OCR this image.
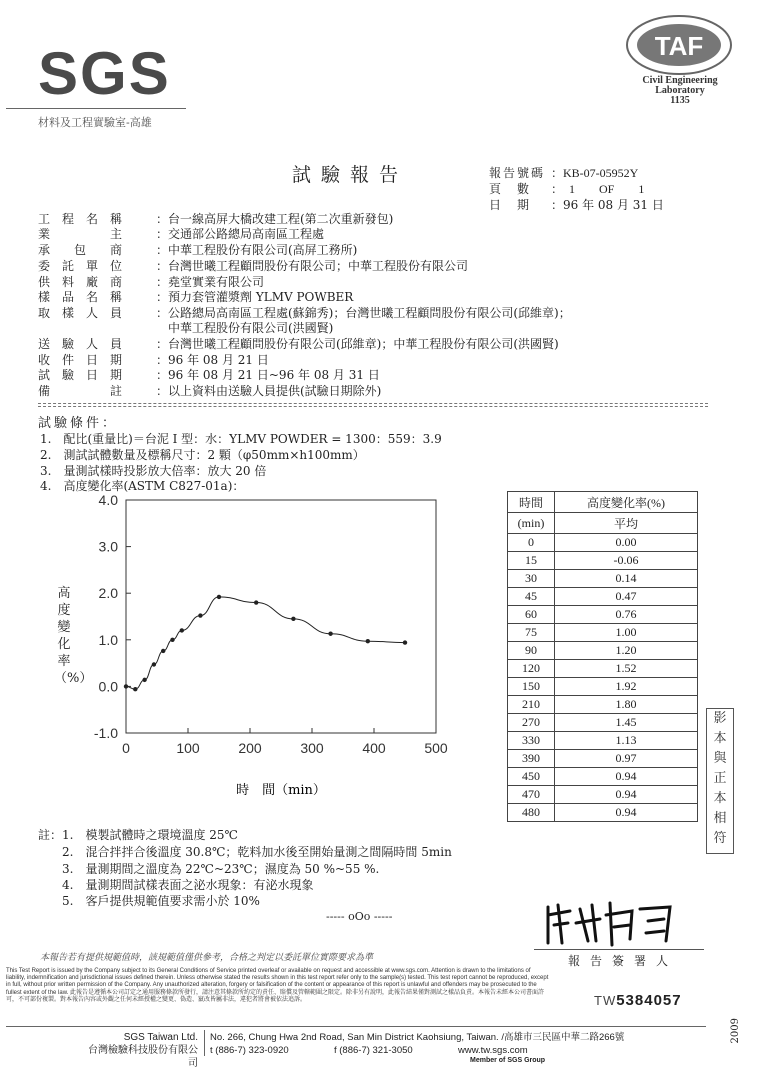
SGS
材料及工程實驗室-高雄
TAF
Civil Engineering
Laboratory
1135
試驗報告	報告號碼 ：KB-07-05952Y
頁　數 ：　1　　OF　　1
日　期 ：96 年 08 月 31 日
工　程　名　稱	：台一線高屏大橋改建工程(第二次重新發包)
業　　　　　主	：交通部公路總局高南區工程處
承　　包　　商	：中華工程股份有限公司(高屏工務所)
委　託　單　位	：台灣世曦工程顧問股份有限公司；中華工程股份有限公司
供　料　廠　商	：堯堂實業有限公司
樣　品　名　稱	：預力套管灌漿劑 YLMV POWBER
取　樣　人　員	：公路總局高南區工程處(蘇錦秀)；台灣世曦工程顧問股份有限公司(邱維章)；
　中華工程股份有限公司(洪國賢)
送　驗　人　員	：台灣世曦工程顧問股份有限公司(邱維章)；中華工程股份有限公司(洪國賢)
收　件　日　期	：96 年 08 月 21 日
試　驗　日　期	：96 年 08 月 21 日~96 年 08 月 31 日
備　　　　　註	：以上資料由送驗人員提供(試驗日期除外)
試驗條件：
1.　配比(重量比)＝台泥 I 型：水：YLMV POWDER = 1300：559：3.9
2.　測試試體數量及標稱尺寸：2 顆（φ50mm×h100mm）
3.　量測試樣時投影放大倍率：放大 20 倍
4.　高度變化率(ASTM C827-01a)：
0	100	200	300	400	500
-1.0
0.0
1.0
2.0
3.0
4.0
時　間（min）
高度變化率（%）
時間	高度變化率(%)
(min)	平均
0	0.00
15	-0.06
30	0.14
45	0.47
60	0.76
75	1.00
90	1.20
120	1.52
150	1.92
210	1.80
270	1.45
330	1.13
390	0.97
450	0.94
470	0.94
480	0.94
影
本
與
正
本
相
符
註：1.　模製試體時之環境溫度 25℃
　　2.　混合拌拌合後溫度 30.8℃；乾料加水後至開始量測之間隔時間 5min
　　3.　量測期間之溫度為 22℃~23℃；濕度為 50 %~55 %.
　　4.　量測期間試樣表面之泌水現象：有泌水現象
　　5.　客戶提供規範值要求需小於 10%
----- oOo -----
報告簽署人
本報告若有提供規範值時，該規範值僅供參考，合格之判定以委託單位實際要求為準
This Test Report is issued by the Company subject to its General Conditions of Service printed overleaf or available on request and accessible at www.sgs.com. Attention is drawn to the limitations of liability, indemnification and jurisdictional issues defined therein. Unless otherwise stated the results shown in this test report refer only to the sample(s) tested. This test report cannot be reproduced, except in full, without prior written permission of the Company. Any unauthorized alteration, forgery or falsification of the content or appearance of this report is unlawful and offenders may be prosecuted to the fullest extent of the law. 此報告是遵循本公司訂定之通用服務條款所發行，請注意其條款所約定的責任、賠償及管轄範圍之限定。除非另有說明，此報告結果僅對測試之樣品負責。本報告未經本公司書面許可，不可部份複製。對本報告內容或外觀之任何未經授權之變更、偽造、竄改皆屬非法，違犯者將會被依法追訴。	TW5384057
2009
SGS Taiwan Ltd.
台灣檢驗科技股份有限公司
No. 266, Chung Hwa 2nd Road, San Min District Kaohsiung, Taiwan. /高雄市三民區中華二路266號
t (886-7) 323-0920	f (886-7) 321-3050	www.tw.sgs.com
Member of SGS Group
